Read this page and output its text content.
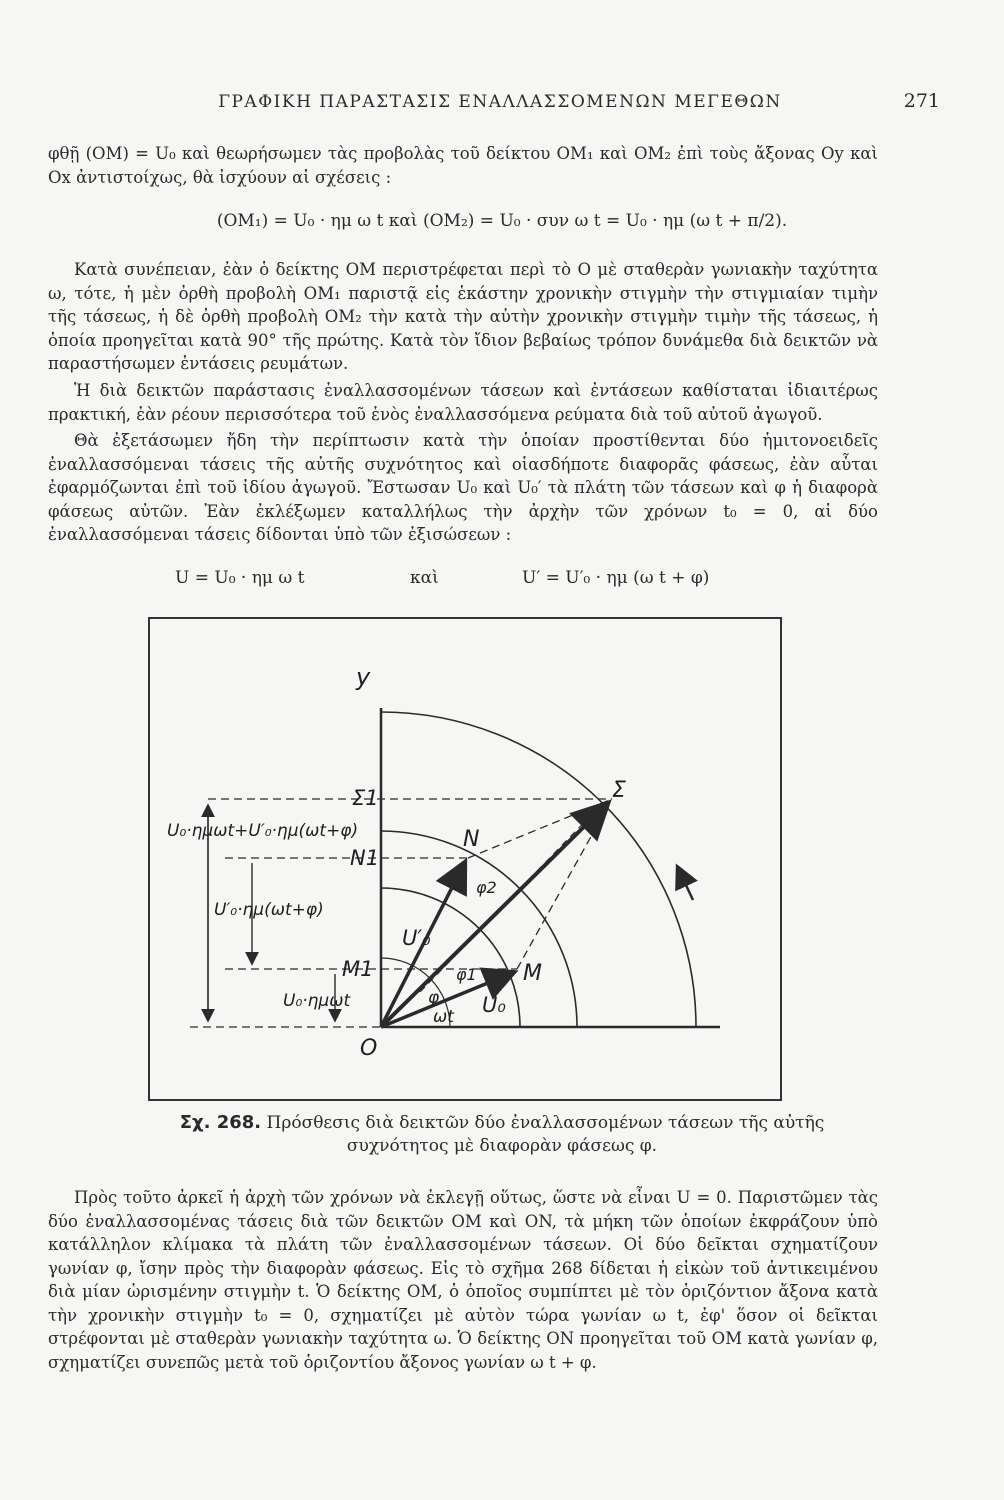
ΓΡΑΦΙΚΗ ΠΑΡΑΣΤΑΣΙΣ ΕΝΑΛΛΑΣΣΟΜΕΝΩΝ ΜΕΓΕΘΩΝ	271

φθῇ (OM) = U₀ καὶ θεωρήσωμεν τὰς προβολὰς τοῦ δείκτου OM₁ καὶ OM₂ ἐπὶ τοὺς ἄξονας Oy καὶ Ox ἀντιστοίχως, θὰ ἰσχύουν αἱ σχέσεις :

(OM₁) = U₀ · ημ ω t καὶ (OM₂) = U₀ · συν ω t = U₀ · ημ (ω t + π/2).

Κατὰ συνέπειαν, ἐὰν ὁ δείκτης OM περιστρέφεται περὶ τὸ O μὲ σταθερὰν γωνιακὴν ταχύτητα ω, τότε, ἡ μὲν ὀρθὴ προβολὴ OM₁ παριστᾷ εἰς ἑκάστην χρονικὴν στιγμὴν τὴν στιγμιαίαν τιμὴν τῆς τάσεως, ἡ δὲ ὀρθὴ προβολὴ OM₂ τὴν κατὰ τὴν αὐτὴν χρονικὴν στιγμὴν τιμὴν τῆς τάσεως, ἡ ὁποία προηγεῖται κατὰ 90° τῆς πρώτης. Κατὰ τὸν ἴδιον βεβαίως τρόπον δυνάμεθα διὰ δεικτῶν νὰ παραστήσωμεν ἐντάσεις ρευμάτων.

Ἡ διὰ δεικτῶν παράστασις ἐναλλασσομένων τάσεων καὶ ἐντάσεων καθίσταται ἰδιαιτέρως πρακτική, ἐὰν ρέουν περισσότερα τοῦ ἑνὸς ἐναλλασσόμενα ρεύματα διὰ τοῦ αὐτοῦ ἀγωγοῦ.

Θὰ ἐξετάσωμεν ἤδη τὴν περίπτωσιν κατὰ τὴν ὁποίαν προστίθενται δύο ἡμιτονοειδεῖς ἐναλλασσόμεναι τάσεις τῆς αὐτῆς συχνότητος καὶ οἱασδήποτε διαφορᾶς φάσεως, ἐὰν αὗται ἐφαρμόζωνται ἐπὶ τοῦ ἰδίου ἀγωγοῦ. Ἔστωσαν U₀ καὶ U₀′ τὰ πλάτη τῶν τάσεων καὶ φ ἡ διαφορὰ φάσεως αὐτῶν. Ἐὰν ἐκλέξωμεν καταλλήλως τὴν ἀρχὴν τῶν χρόνων t₀ = 0, αἱ δύο ἐναλλασσόμεναι τάσεις δίδονται ὑπὸ τῶν ἐξισώσεων :

U = U₀ · ημ ω t	καὶ	U′ = U′₀ · ημ (ω t + φ)
y
O
Σ
Σ1
N
N1
M
M1
U₀·ημωt+U′₀·ημ(ωt+φ)
U′₀·ημ(ωt+φ)
U₀·ημωt
U′₀
U₀
φ
φ1
φ2
ωt
Σχ. 268. Πρόσθεσις διὰ δεικτῶν δύο ἐναλλασσομένων τάσεων τῆς αὐτῆς
συχνότητος μὲ διαφορὰν φάσεως φ.

Πρὸς τοῦτο ἀρκεῖ ἡ ἀρχὴ τῶν χρόνων νὰ ἐκλεγῇ οὕτως, ὥστε νὰ εἶναι U = 0. Παριστῶμεν τὰς δύο ἐναλλασσομένας τάσεις διὰ τῶν δεικτῶν OM καὶ ON, τὰ μήκη τῶν ὁποίων ἐκφράζουν ὑπὸ κατάλληλον κλίμακα τὰ πλάτη τῶν ἐναλλασσομένων τάσεων. Οἱ δύο δεῖκται σχηματίζουν γωνίαν φ, ἴσην πρὸς τὴν διαφορὰν φάσεως. Εἰς τὸ σχῆμα 268 δίδεται ἡ εἰκὼν τοῦ ἀντικειμένου διὰ μίαν ὡρισμένην στιγμὴν t. Ὁ δείκτης OM, ὁ ὁποῖος συμπίπτει μὲ τὸν ὁριζόντιον ἄξονα κατὰ τὴν χρονικὴν στιγμὴν t₀ = 0, σχηματίζει μὲ αὐτὸν τώρα γωνίαν ω t, ἐφ' ὅσον οἱ δεῖκται στρέφονται μὲ σταθερὰν γωνιακὴν ταχύτητα ω. Ὁ δείκτης ON προηγεῖται τοῦ OM κατὰ γωνίαν φ, σχηματίζει συνεπῶς μετὰ τοῦ ὁριζοντίου ἄξονος γωνίαν ω t + φ.
